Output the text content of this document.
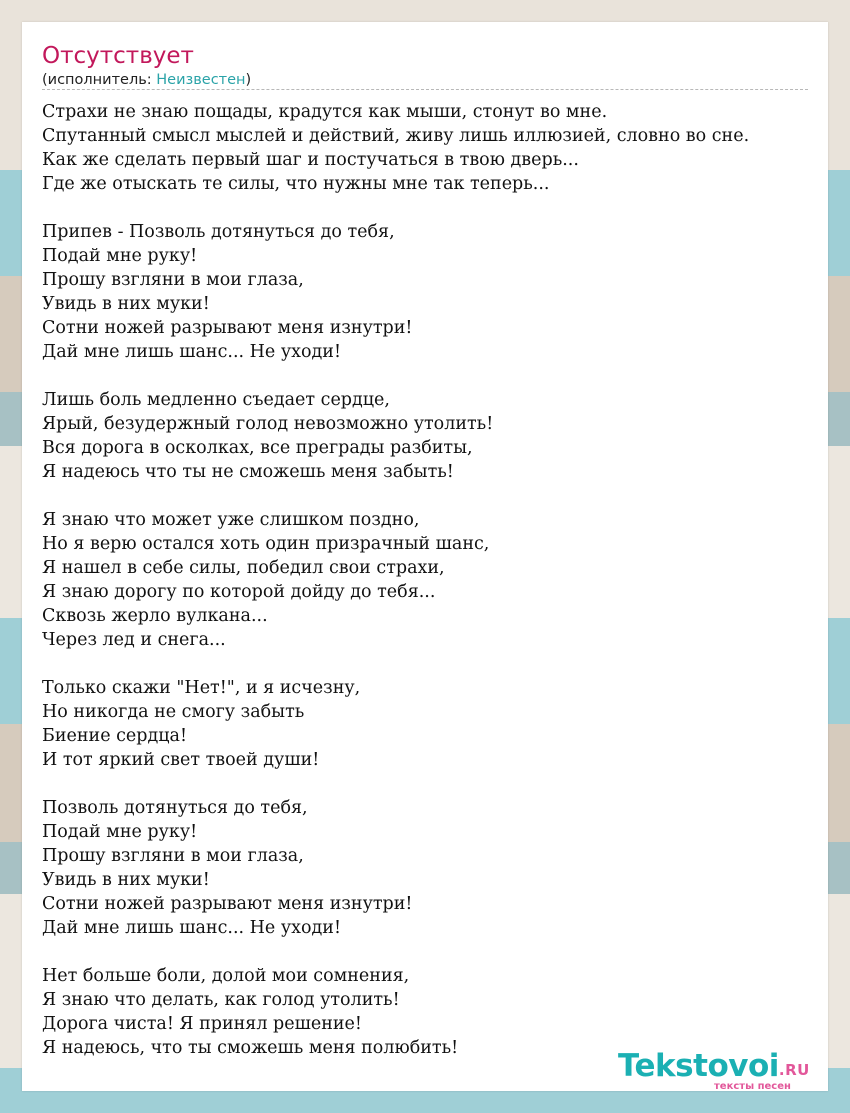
Отсутствует
(исполнитель: Неизвестен)
Страхи не знаю пощады, крадутся как мыши, стонут во мне.
Спутанный смысл мыслей и действий, живу лишь иллюзией, словно во сне.
Как же сделать первый шаг и постучаться в твою дверь...
Где же отыскать те силы, что нужны мне так теперь...
Припев - Позволь дотянуться до тебя,
Подай мне руку!
Прошу взгляни в мои глаза,
Увидь в них муки!
Сотни ножей разрывают меня изнутри!
Дай мне лишь шанс... Не уходи!
Лишь боль медленно съедает сердце,
Ярый, безудержный голод невозможно утолить!
Вся дорога в осколках, все преграды разбиты,
Я надеюсь что ты не сможешь меня забыть!
Я знаю что может уже слишком поздно,
Но я верю остался хоть один призрачный шанс,
Я нашел в себе силы, победил свои страхи,
Я знаю дорогу по которой дойду до тебя...
Сквозь жерло вулкана...
Через лед и снега...
Только скажи "Нет!", и я исчезну,
Но никогда не смогу забыть
Биение сердца!
И тот яркий свет твоей души!
Позволь дотянуться до тебя,
Подай мне руку!
Прошу взгляни в мои глаза,
Увидь в них муки!
Сотни ножей разрывают меня изнутри!
Дай мне лишь шанс... Не уходи!
Нет больше боли, долой мои сомнения,
Я знаю что делать, как голод утолить!
Дорога чиста! Я принял решение!
Я надеюсь, что ты сможешь меня полюбить!	Tekstovoi.RU
тексты песен
